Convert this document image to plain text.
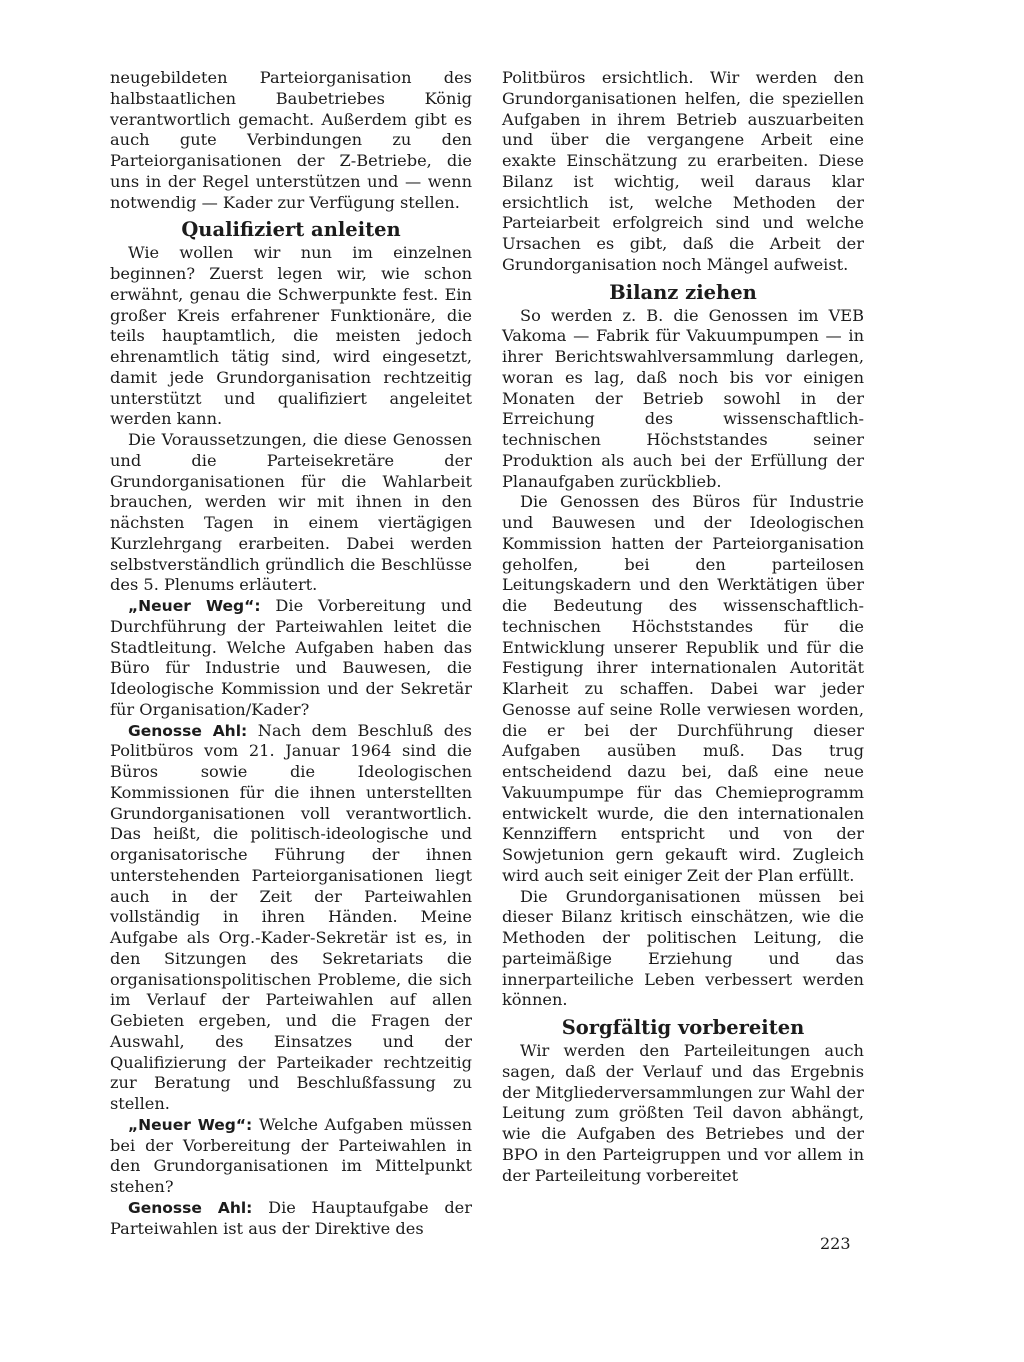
neugebildeten Parteiorganisation des halbstaatlichen Baubetriebes König verantwortlich gemacht. Außerdem gibt es auch gute Verbindungen zu den Parteiorganisationen der Z-Betriebe, die uns in der Regel unterstützen und — wenn notwendig — Kader zur Verfügung stellen.

Qualifiziert anleiten

Wie wollen wir nun im einzelnen beginnen? Zuerst legen wir, wie schon erwähnt, genau die Schwerpunkte fest. Ein großer Kreis erfahrener Funktionäre, die teils hauptamtlich, die meisten jedoch ehrenamtlich tätig sind, wird eingesetzt, damit jede Grundorganisation rechtzeitig unterstützt und qualifiziert angeleitet werden kann.

Die Voraussetzungen, die diese Genossen und die Parteisekretäre der Grundorganisationen für die Wahlarbeit brauchen, werden wir mit ihnen in den nächsten Tagen in einem viertägigen Kurzlehrgang erarbeiten. Dabei werden selbstverständlich gründlich die Beschlüsse des 5. Plenums erläutert.

„Neuer Weg“: Die Vorbereitung und Durchführung der Parteiwahlen leitet die Stadtleitung. Welche Aufgaben haben das Büro für Industrie und Bauwesen, die Ideologische Kommission und der Sekretär für Organisation/Kader?

Genosse Ahl: Nach dem Beschluß des Politbüros vom 21. Januar 1964 sind die Büros sowie die Ideologischen Kommissionen für die ihnen unterstellten Grundorganisationen voll verantwortlich. Das heißt, die politisch-ideologische und organisatorische Führung der ihnen unterstehenden Parteiorganisationen liegt auch in der Zeit der Parteiwahlen vollständig in ihren Händen. Meine Aufgabe als Org.-Kader-Sekretär ist es, in den Sitzungen des Sekretariats die organisationspolitischen Probleme, die sich im Verlauf der Parteiwahlen auf allen Gebieten ergeben, und die Fragen der Auswahl, des Einsatzes und der Qualifizierung der Parteikader rechtzeitig zur Beratung und Beschlußfassung zu stellen.

„Neuer Weg“: Welche Aufgaben müssen bei der Vorbereitung der Parteiwahlen in den Grundorganisationen im Mittelpunkt stehen?

Genosse Ahl: Die Hauptaufgabe der Parteiwahlen ist aus der Direktive des

Politbüros ersichtlich. Wir werden den Grundorganisationen helfen, die speziellen Aufgaben in ihrem Betrieb auszuarbeiten und über die vergangene Arbeit eine exakte Einschätzung zu erarbeiten. Diese Bilanz ist wichtig, weil daraus klar ersichtlich ist, welche Methoden der Parteiarbeit erfolgreich sind und welche Ursachen es gibt, daß die Arbeit der Grundorganisation noch Mängel aufweist.

Bilanz ziehen

So werden z. B. die Genossen im VEB Vakoma — Fabrik für Vakuumpumpen — in ihrer Berichtswahlversammlung darlegen, woran es lag, daß noch bis vor einigen Monaten der Betrieb sowohl in der Erreichung des wissenschaftlich-technischen Höchststandes seiner Produktion als auch bei der Erfüllung der Planaufgaben zurückblieb.

Die Genossen des Büros für Industrie und Bauwesen und der Ideologischen Kommission hatten der Parteiorganisation geholfen, bei den parteilosen Leitungskadern und den Werktätigen über die Bedeutung des wissenschaftlich-technischen Höchststandes für die Entwicklung unserer Republik und für die Festigung ihrer internationalen Autorität Klarheit zu schaffen. Dabei war jeder Genosse auf seine Rolle verwiesen worden, die er bei der Durchführung dieser Aufgaben ausüben muß. Das trug entscheidend dazu bei, daß eine neue Vakuumpumpe für das Chemieprogramm entwickelt wurde, die den internationalen Kennziffern entspricht und von der Sowjetunion gern gekauft wird. Zugleich wird auch seit einiger Zeit der Plan erfüllt.

Die Grundorganisationen müssen bei dieser Bilanz kritisch einschätzen, wie die Methoden der politischen Leitung, die parteimäßige Erziehung und das innerparteiliche Leben verbessert werden können.

Sorgfältig vorbereiten

Wir werden den Parteileitungen auch sagen, daß der Verlauf und das Ergebnis der Mitgliederversammlungen zur Wahl der Leitung zum größten Teil davon abhängt, wie die Aufgaben des Betriebes und der BPO in den Parteigruppen und vor allem in der Parteileitung vorbereitet

223
